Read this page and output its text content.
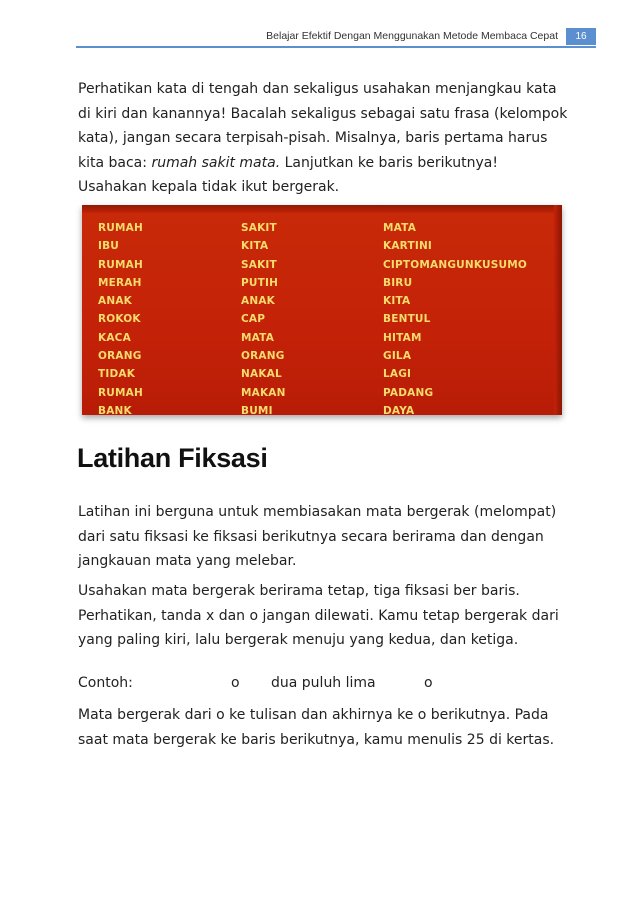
Belajar Efektif Dengan Menggunakan Metode Membaca Cepat	16

Perhatikan kata di tengah dan sekaligus usahakan menjangkau kata

di kiri dan kanannya! Bacalah sekaligus sebagai satu frasa (kelompok

kata), jangan secara terpisah-pisah. Misalnya, baris pertama harus

kita baca: rumah sakit mata. Lanjutkan ke baris berikutnya!

Usahakan kepala tidak ikut bergerak.

RUMAH	SAKIT	MATA
IBU	KITA	KARTINI
RUMAH	SAKIT	CIPTOMANGUNKUSUMO
MERAH	PUTIH	BIRU
ANAK	ANAK	KITA
ROKOK	CAP	BENTUL
KACA	MATA	HITAM
ORANG	ORANG	GILA
TIDAK	NAKAL	LAGI
RUMAH	MAKAN	PADANG
BANK	BUMI	DAYA
Latihan Fiksasi

Latihan ini berguna untuk membiasakan mata bergerak (melompat)

dari satu fiksasi ke fiksasi berikutnya secara berirama dan dengan

jangkauan mata yang melebar.

Usahakan mata bergerak berirama tetap, tiga fiksasi ber baris.

Perhatikan, tanda x dan o jangan dilewati. Kamu tetap bergerak dari

yang paling kiri, lalu bergerak menuju yang kedua, dan ketiga.

Contoh:	o dua puluh lima	o

Mata bergerak dari o ke tulisan dan akhirnya ke o berikutnya. Pada

saat mata bergerak ke baris berikutnya, kamu menulis 25 di kertas.
